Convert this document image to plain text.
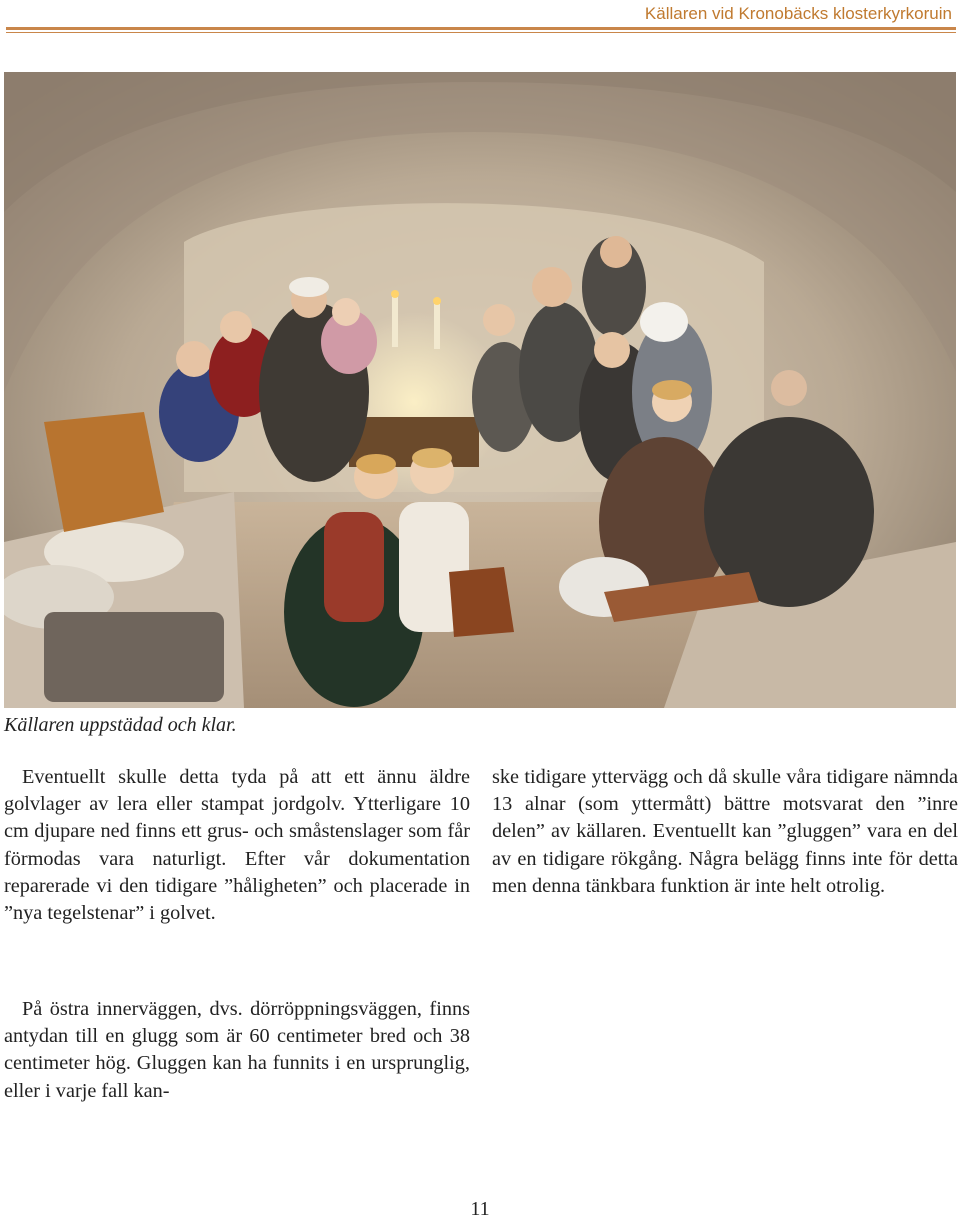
Källaren vid Kronobäcks klosterkyrkoruin
Källaren uppstädad och klar.

Eventuellt skulle detta tyda på att ett ännu äldre golvlager av lera eller stampat jordgolv. Ytterligare 10 cm djupare ned finns ett grus- och småstenslager som får förmodas vara naturligt. Efter vår dokumentation reparerade vi den tidigare ”håligheten” och placerade in ”nya tegelstenar” i golvet.

På östra innerväggen, dvs. dörröppningsväggen, finns antydan till en glugg som är 60 centimeter bred och 38 centimeter hög. Gluggen kan ha funnits i en ursprunglig, eller i varje fall kan-

ske tidigare yttervägg och då skulle våra tidigare nämnda 13 alnar (som yttermått) bättre motsvarat den ”inre delen” av källaren. Eventuellt kan ”gluggen” vara en del av en tidigare rökgång. Några belägg finns inte för detta men denna tänkbara funktion är inte helt otrolig.

11
